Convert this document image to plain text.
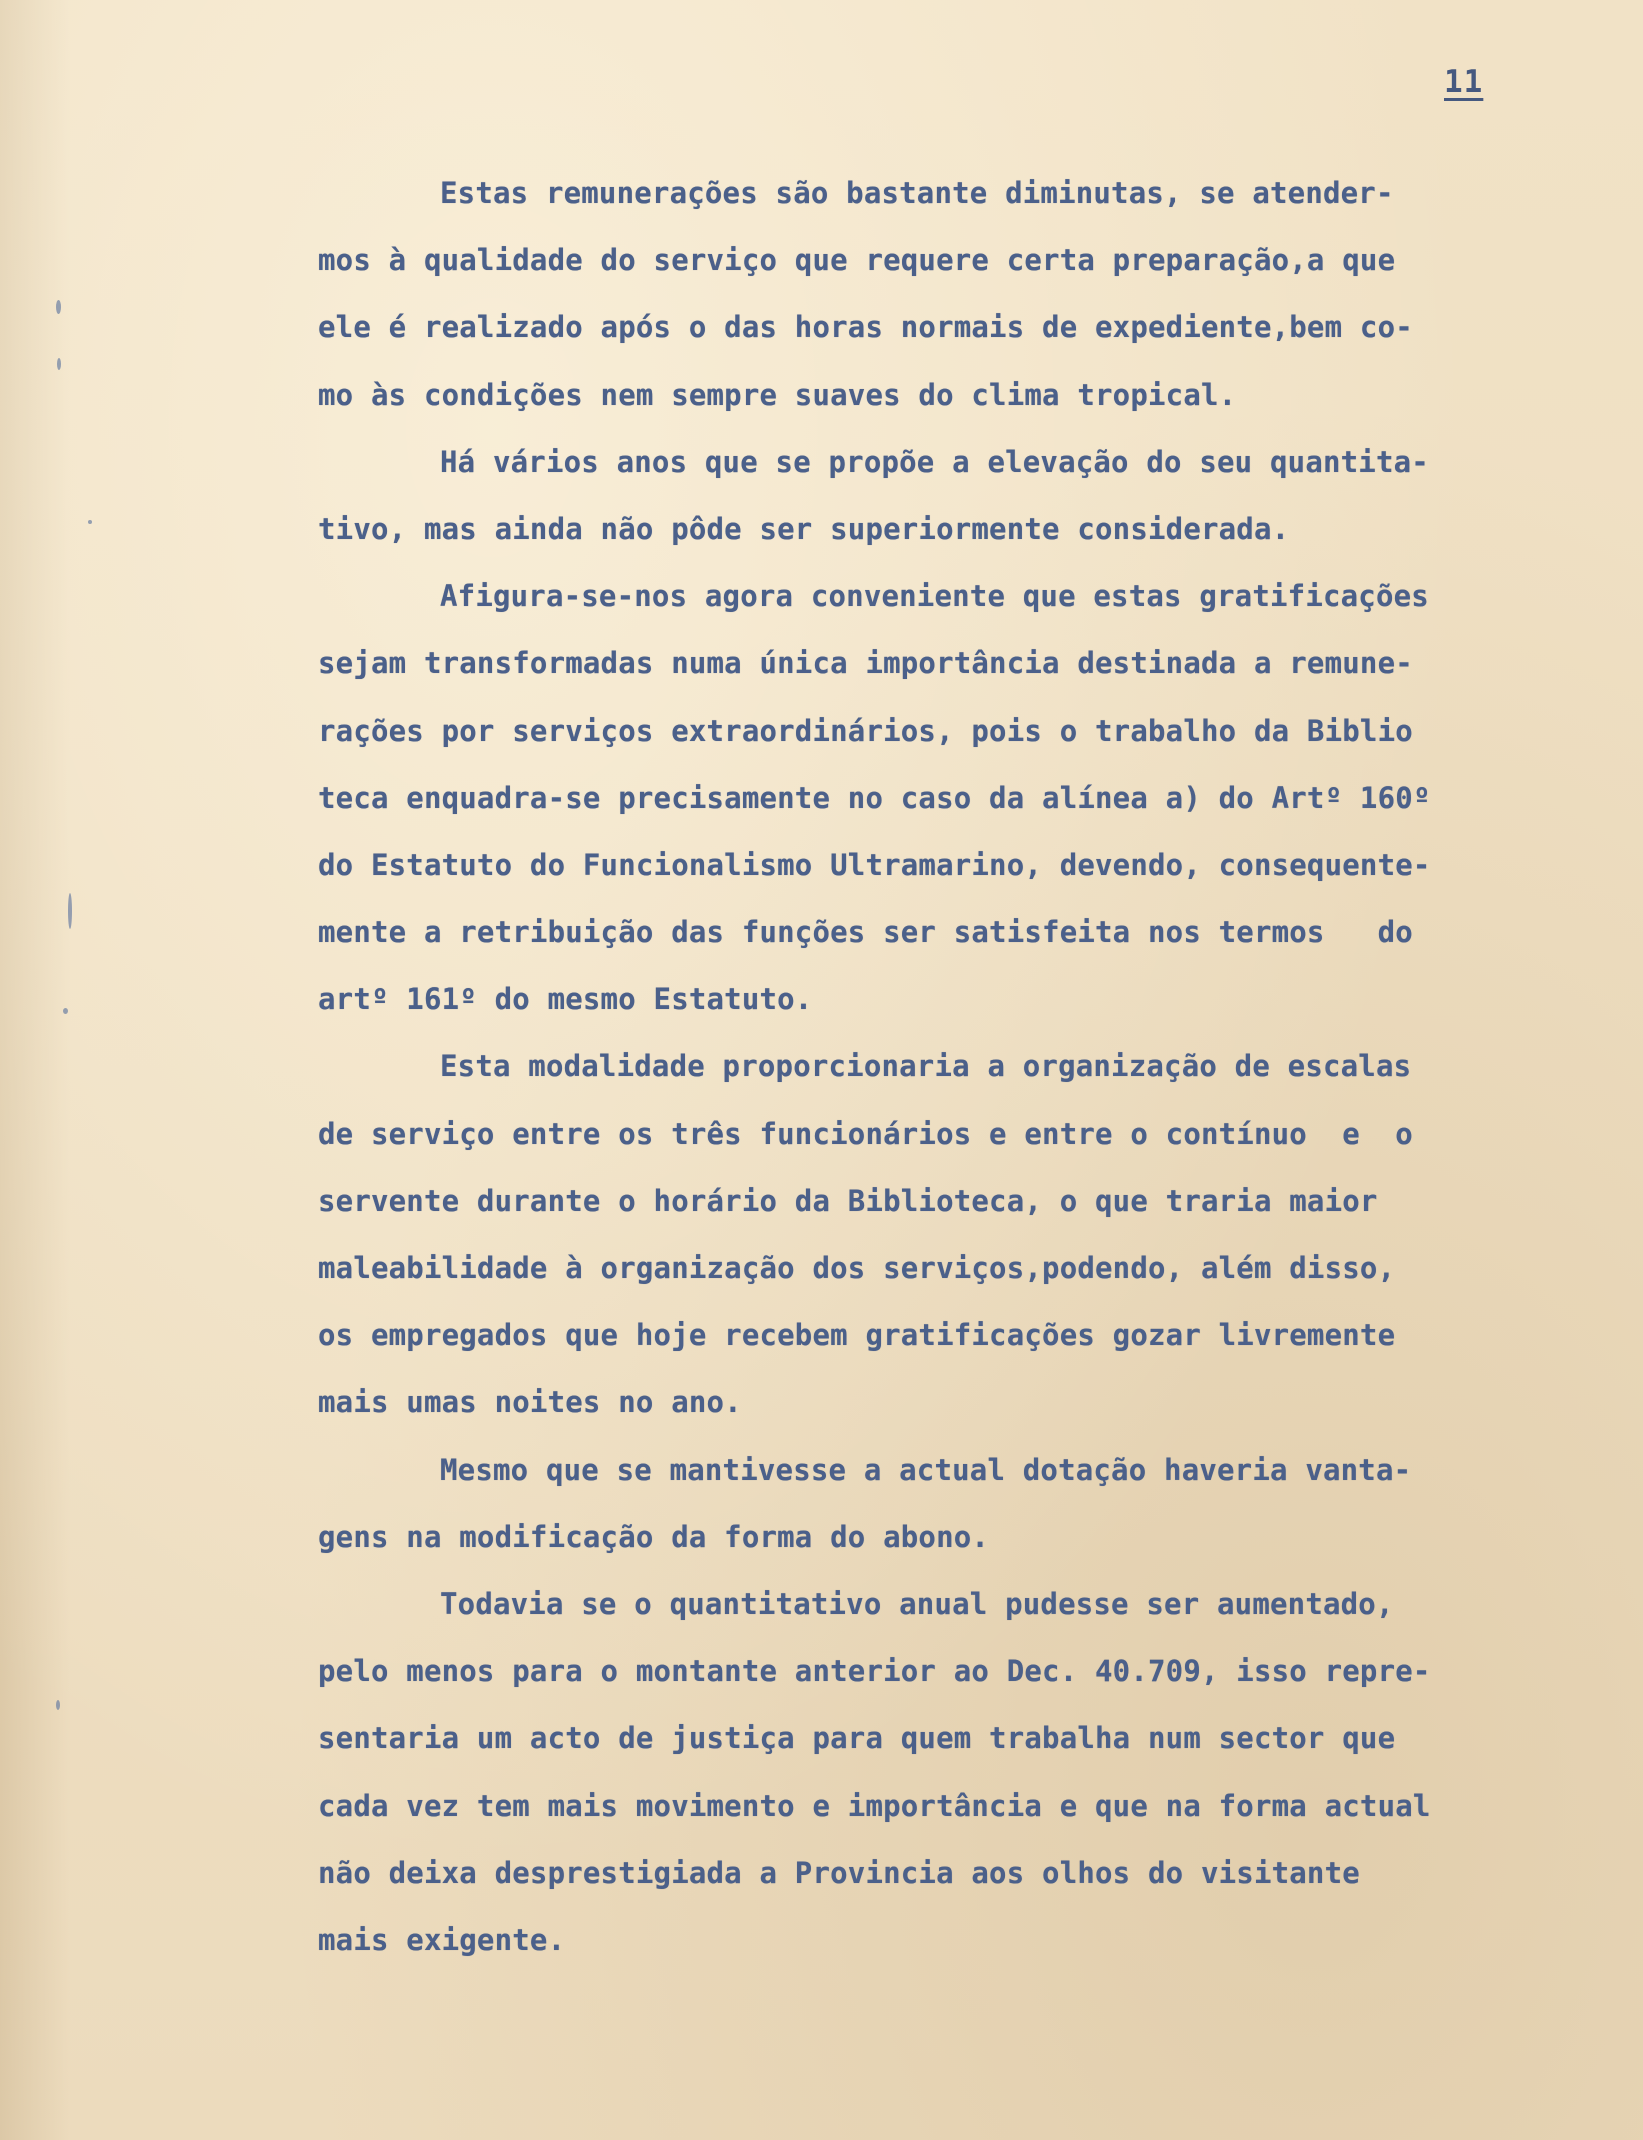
11
Estas remunerações são bastante diminutas, se atender-
mos à qualidade do serviço que requere certa preparação,a que
ele é realizado após o das horas normais de expediente,bem co-
mo às condições nem sempre suaves do clima tropical.
Há vários anos que se propõe a elevação do seu quantita-
tivo, mas ainda não pôde ser superiormente considerada.
Afigura-se-nos agora conveniente que estas gratificações
sejam transformadas numa única importância destinada a remune-
rações por serviços extraordinários, pois o trabalho da Biblio
teca enquadra-se precisamente no caso da alínea a) do Artº 160º
do Estatuto do Funcionalismo Ultramarino, devendo, consequente-
mente a retribuição das funções ser satisfeita nos termos   do
artº 161º do mesmo Estatuto.
Esta modalidade proporcionaria a organização de escalas
de serviço entre os três funcionários e entre o contínuo  e  o
servente durante o horário da Biblioteca, o que traria maior
maleabilidade à organização dos serviços,podendo, além disso,
os empregados que hoje recebem gratificações gozar livremente
mais umas noites no ano.
Mesmo que se mantivesse a actual dotação haveria vanta-
gens na modificação da forma do abono.
Todavia se o quantitativo anual pudesse ser aumentado,
pelo menos para o montante anterior ao Dec. 40.709, isso repre-
sentaria um acto de justiça para quem trabalha num sector que
cada vez tem mais movimento e importância e que na forma actual
não deixa desprestigiada a Provincia aos olhos do visitante
mais exigente.
